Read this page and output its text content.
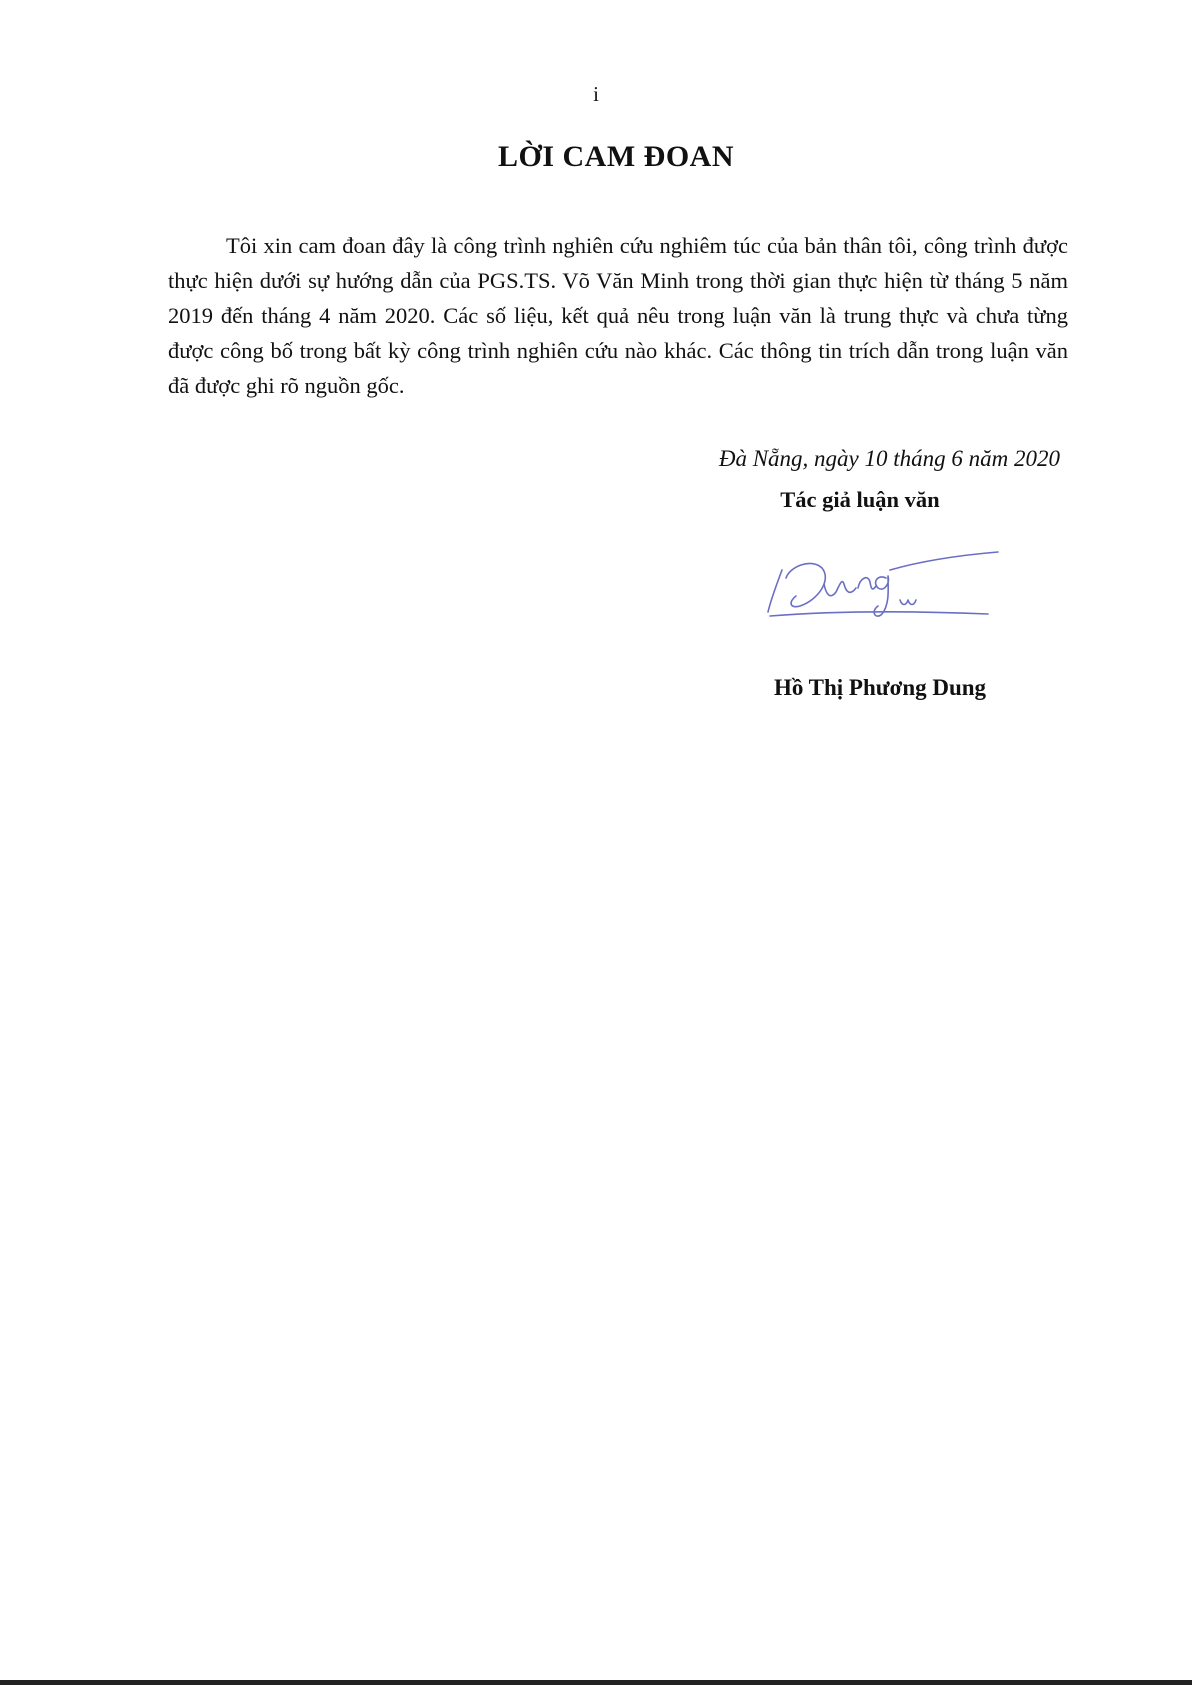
i
LỜI CAM ĐOAN

Tôi xin cam đoan đây là công trình nghiên cứu nghiêm túc của bản thân tôi, công trình được thực hiện dưới sự hướng dẫn của PGS.TS. Võ Văn Minh trong thời gian thực hiện từ tháng 5 năm 2019 đến tháng 4 năm 2020. Các số liệu, kết quả nêu trong luận văn là trung thực và chưa từng được công bố trong bất kỳ công trình nghiên cứu nào khác. Các thông tin trích dẫn trong luận văn đã được ghi rõ nguồn gốc.

Đà Nẵng, ngày 10 tháng 6 năm 2020
Tác giả luận văn
Hồ Thị Phương Dung
